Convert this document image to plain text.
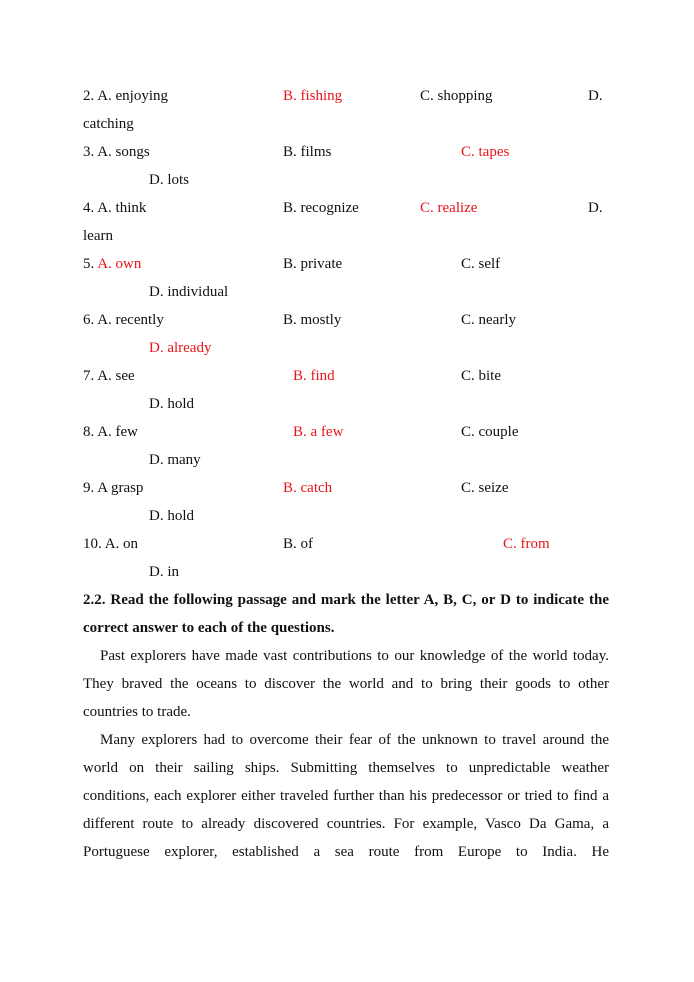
2. A. enjoying	B. fishing	C. shopping	D.
catching
3. A. songs	B. films	C. tapes
D. lots
4. A. think	B. recognize	C. realize	D.
learn
5. A. own	B. private	C. self
D. individual
6. A. recently	B. mostly	C. nearly
D. already
7. A. see	B. find	C. bite
D. hold
8. A. few	B. a few	C. couple
D. many
9. A grasp	B. catch	C. seize
D. hold
10. A. on	B. of	C. from
D. in
2.2. Read the following passage and mark the letter A, B, C, or D to indicate the correct answer to each of the questions.
Past explorers have made vast contributions to our knowledge of the world today. They braved the oceans to discover the world and to bring their goods to other countries to trade.
Many explorers had to overcome their fear of the unknown to travel around the world on their sailing ships. Submitting themselves to unpredictable weather conditions, each explorer either traveled further than his predecessor or tried to find a different route to already discovered countries. For example, Vasco Da Gama, a Portuguese explorer, established a sea route from Europe to India. He
